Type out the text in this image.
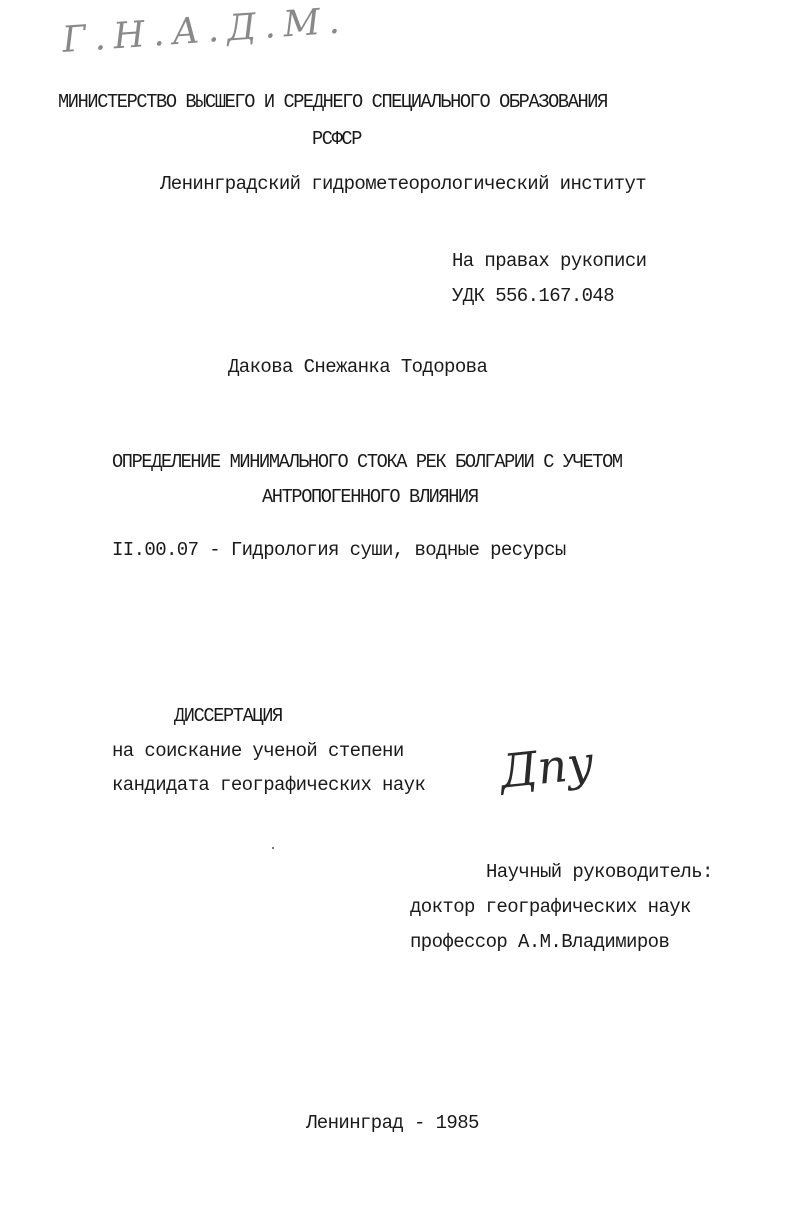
Г.Н.А.Д.М.
МИНИСТЕРСТВО ВЫСШЕГО И СРЕДНЕГО СПЕЦИАЛЬНОГО ОБРАЗОВАНИЯ
РСФСР
Ленинградский гидрометеорологический институт
На правах рукописи
УДК 556.167.048
Дакова Снежанка Тодорова
ОПРЕДЕЛЕНИЕ МИНИМАЛЬНОГО СТОКА РЕК БОЛГАРИИ С УЧЕТОМ
АНТРОПОГЕННОГО ВЛИЯНИЯ
II.00.07 - Гидрология суши, водные ресурсы
ДИССЕРТАЦИЯ
на соискание ученой степени
кандидата географических наук Дпу
Научный руководитель:
доктор географических наук
профессор А.М.Владимиров
Ленинград - 1985
